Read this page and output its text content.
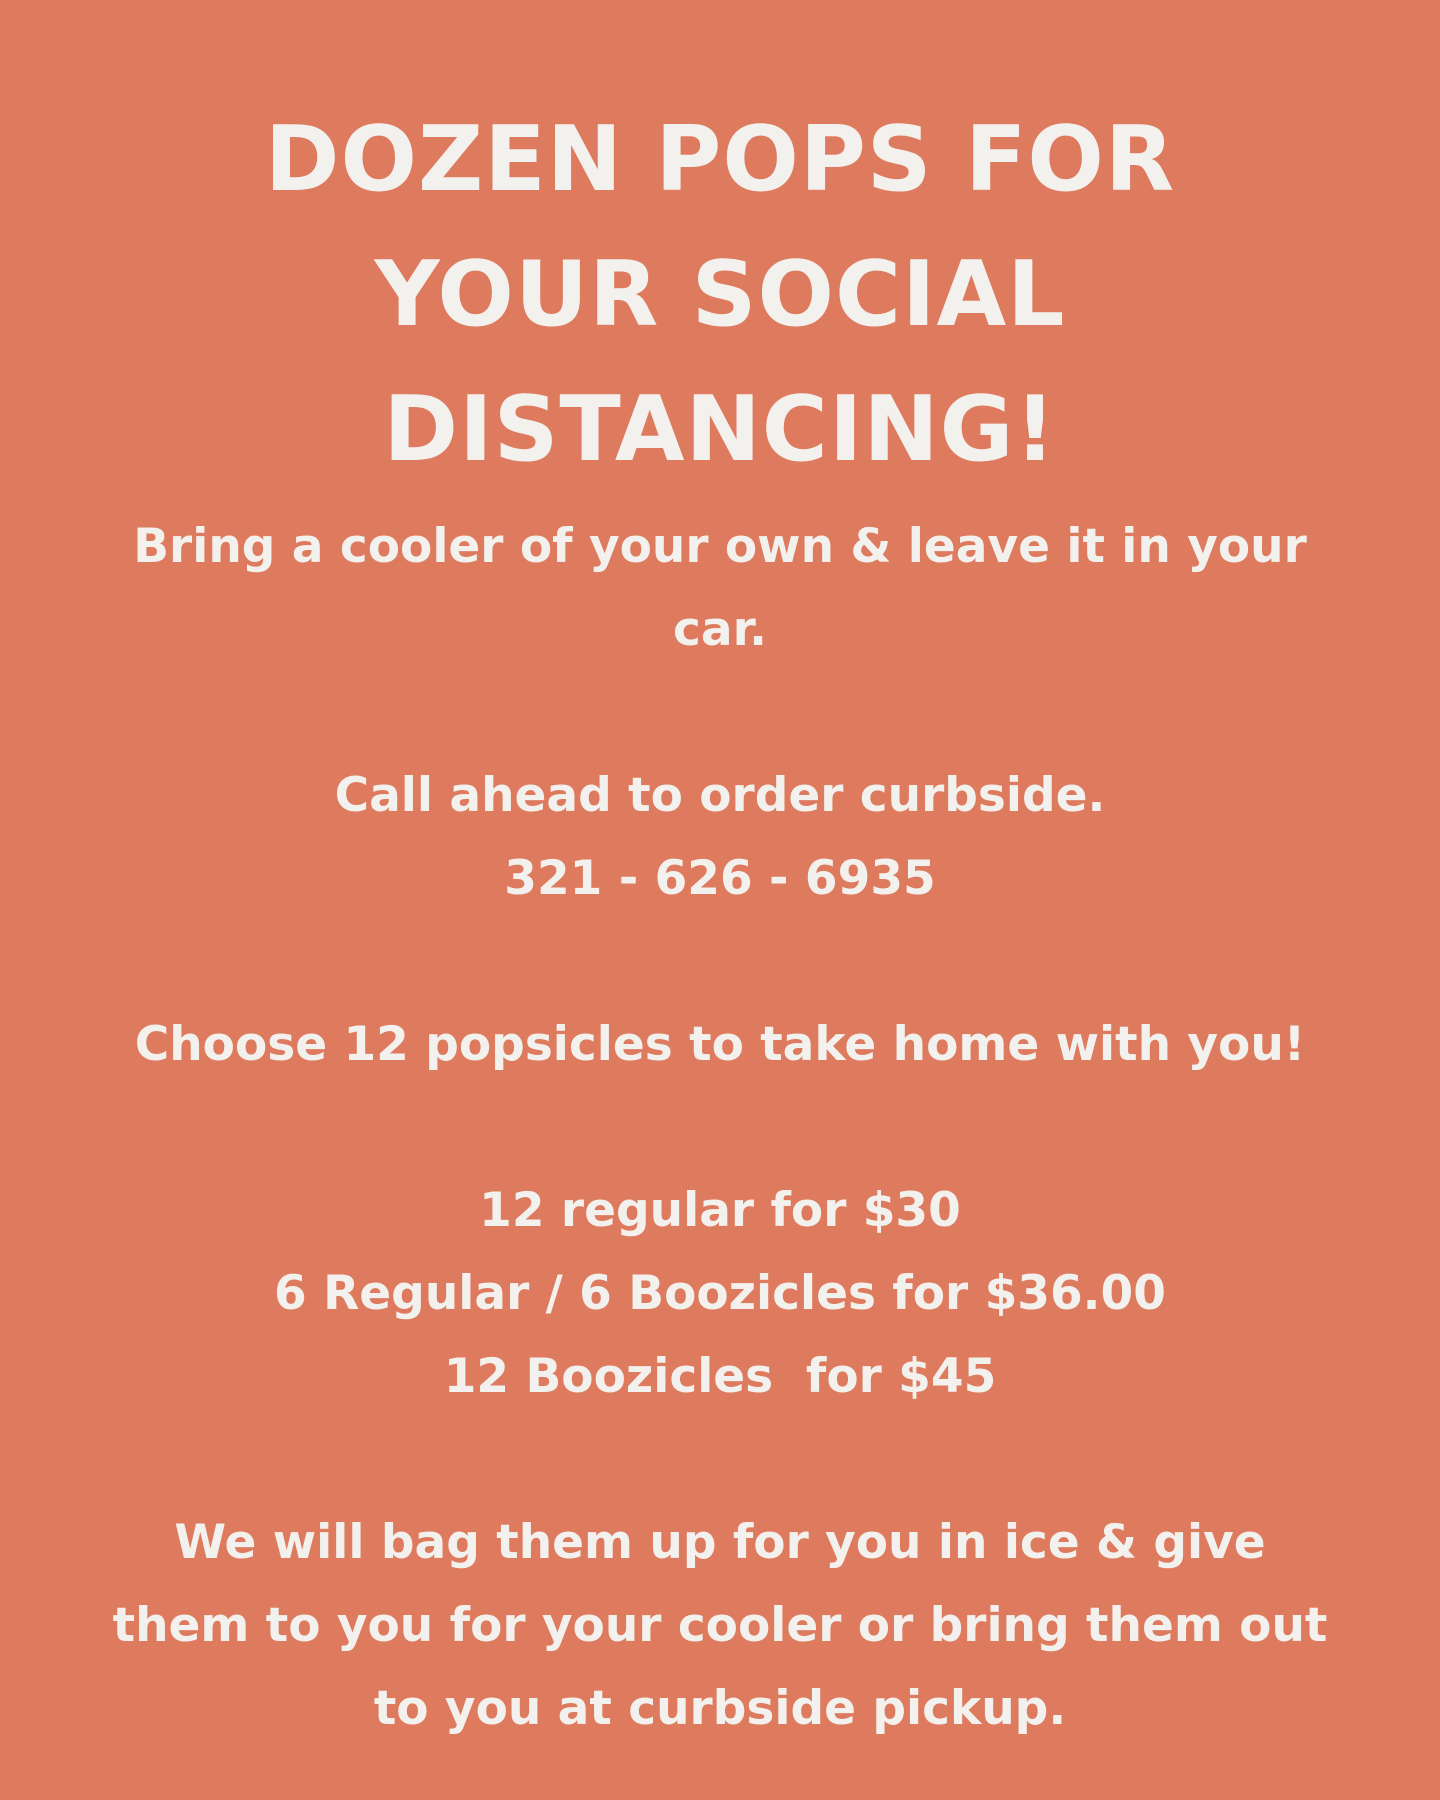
DOZEN POPS FOR
YOUR SOCIAL
DISTANCING!
Bring a cooler of your own & leave it in your
car.
Call ahead to order curbside.
321 - 626 - 6935
Choose 12 popsicles to take home with you!
12 regular for $30
6 Regular / 6 Boozicles for $36.00
12 Boozicles  for $45
We will bag them up for you in ice & give
them to you for your cooler or bring them out
to you at curbside pickup.
